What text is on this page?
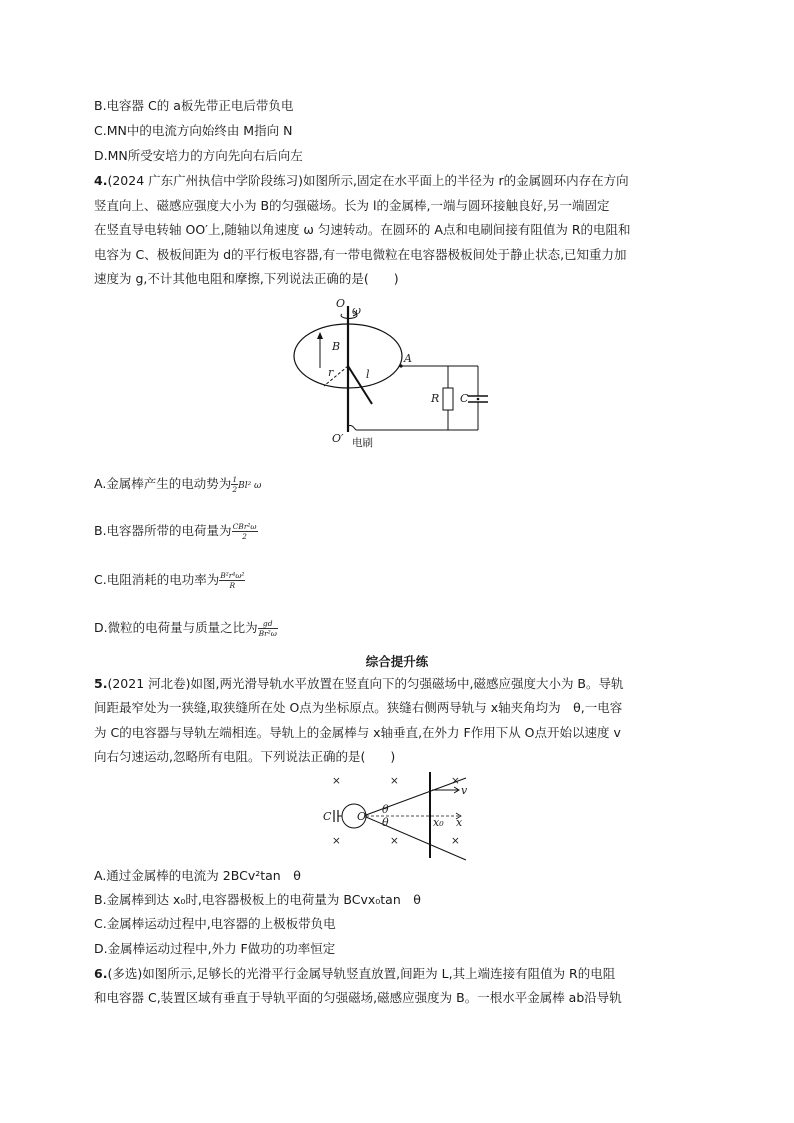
B.电容器 C的 a板先带正电后带负电
C.MN中的电流方向始终由 M指向 N
D.MN所受安培力的方向先向右后向左
4.(2024 广东广州执信中学阶段练习)如图所示,固定在水平面上的半径为 r的金属圆环内存在方向
竖直向上、磁感应强度大小为 B的匀强磁场。长为 l的金属棒,一端与圆环接触良好,另一端固定
在竖直导电转轴 OO′上,随轴以角速度 ω 匀速转动。在圆环的 A点和电刷间接有阻值为 R的电阻和
电容为 C、极板间距为 d的平行板电容器,有一带电微粒在电容器极板间处于静止状态,已知重力加
速度为 g,不计其他电阻和摩擦,下列说法正确的是(　　)
O
ω
B
r	l
A
R C
O′ 电刷
A.金属棒产生的电动势为 $\frac{1}{2} Bl^2$ ω
B.电容器所带的电荷量为 $\frac{\text{CBr²ω}}{2}$
C.电阻消耗的电功率为 $\frac{\text{B²r⁴ω²}}{R}$
D.微粒的电荷量与质量之比为 $\frac{gd}{\text{Br²ω}}$
综合提升练
5.(2021 河北卷)如图,两光滑导轨水平放置在竖直向下的匀强磁场中,磁感应强度大小为 B。导轨
间距最窄处为一狭缝,取狭缝所在处 O点为坐标原点。狭缝右侧两导轨与 x轴夹角均为　θ,一电容
为 C的电容器与导轨左端相连。导轨上的金属棒与 x轴垂直,在外力 F作用下从 O点开始以速度 v
向右匀速运动,忽略所有电阻。下列说法正确的是(　　)
×	×	×
×	×	×
C O	x
θ
θ	x₀
v
A.通过金属棒的电流为 2BCv²tan　θ
B.金属棒到达 x₀时,电容器极板上的电荷量为 BCvx₀tan　θ
C.金属棒运动过程中,电容器的上极板带负电
D.金属棒运动过程中,外力 F做功的功率恒定
6.(多选)如图所示,足够长的光滑平行金属导轨竖直放置,间距为 L,其上端连接有阻值为 R的电阻
和电容器 C,装置区域有垂直于导轨平面的匀强磁场,磁感应强度为 B。一根水平金属棒 ab沿导轨
